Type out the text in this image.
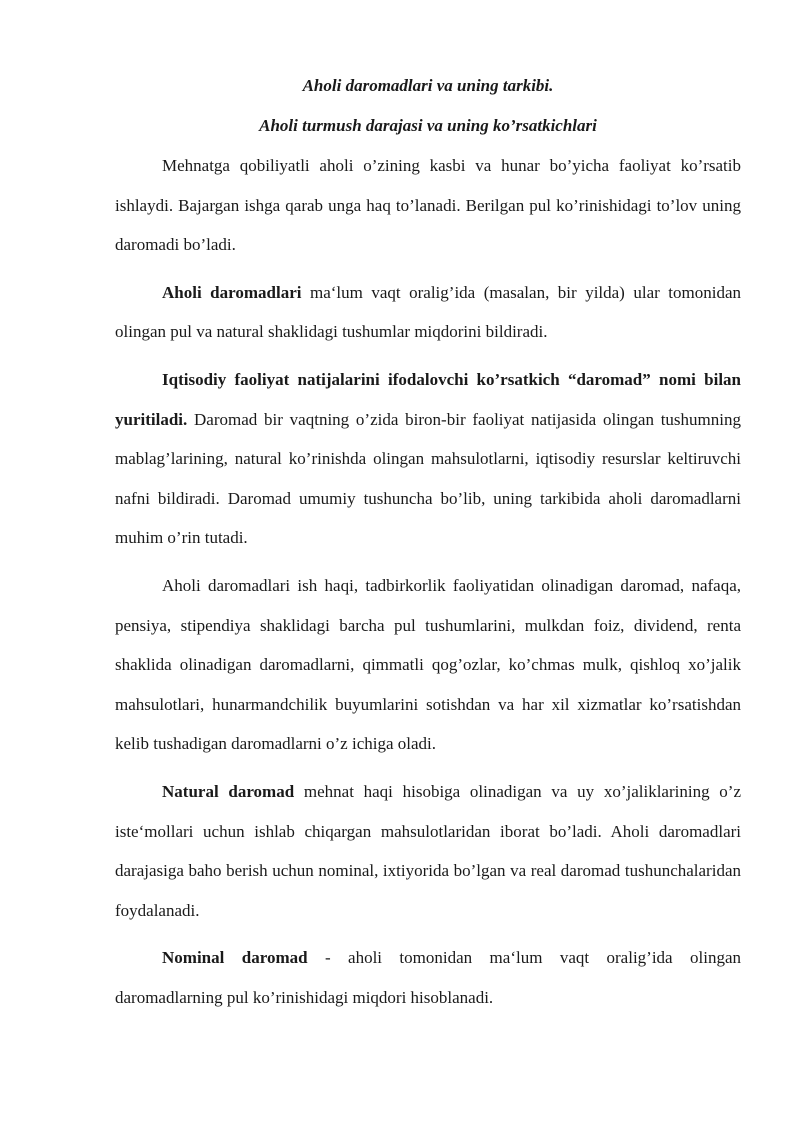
Aholi daromadlari va uning tarkibi.

Aholi turmush darajasi va uning ko’rsatkichlari

Mehnatga qobiliyatli aholi o’zining kasbi va hunar bo’yicha faoliyat ko’rsatib ishlaydi. Bajargan ishga qarab unga haq to’lanadi. Berilgan pul ko’rinishidagi to’lov uning daromadi bo’ladi.

Aholi daromadlari ma‘lum vaqt oralig’ida (masalan, bir yilda) ular tomonidan olingan pul va natural shaklidagi tushumlar miqdorini bildiradi.

Iqtisodiy faoliyat natijalarini ifodalovchi ko’rsatkich “daromad” nomi bilan yuritiladi. Daromad bir vaqtning o’zida biron-bir faoliyat natijasida olingan tushumning mablag’larining, natural ko’rinishda olingan mahsulotlarni, iqtisodiy resurslar keltiruvchi nafni bildiradi. Daromad umumiy tushuncha bo’lib, uning tarkibida aholi daromadlarni muhim o’rin tutadi.

Aholi daromadlari ish haqi, tadbirkorlik faoliyatidan olinadigan daromad, nafaqa, pensiya, stipendiya shaklidagi barcha pul tushumlarini, mulkdan foiz, dividend, renta shaklida olinadigan daromadlarni, qimmatli qog’ozlar, ko’chmas mulk, qishloq xo’jalik mahsulotlari, hunarmandchilik buyumlarini sotishdan va har xil xizmatlar ko’rsatishdan kelib tushadigan daromadlarni o’z ichiga oladi.

Natural daromad mehnat haqi hisobiga olinadigan va uy xo’jaliklarining o’z iste‘mollari uchun ishlab chiqargan mahsulotlaridan iborat bo’ladi. Aholi daromadlari darajasiga baho berish uchun nominal, ixtiyorida bo’lgan va real daromad tushunchalaridan foydalanadi.

Nominal daromad - aholi tomonidan ma‘lum vaqt oralig’ida olingan daromadlarning pul ko’rinishidagi miqdori hisoblanadi.
